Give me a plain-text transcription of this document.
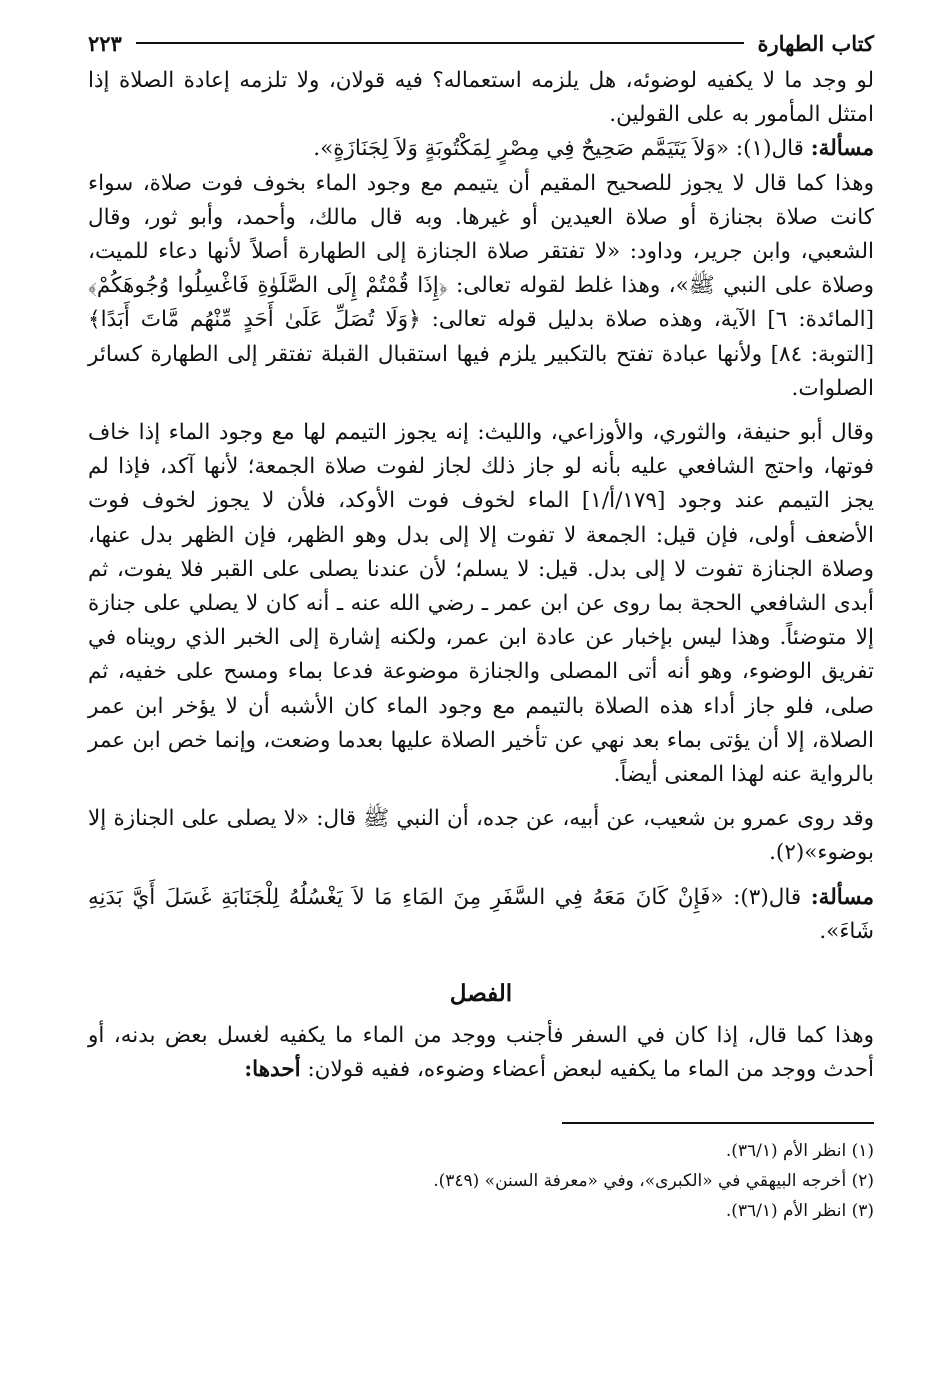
كتاب الطهارة
٢٢٣

لو وجد ما لا يكفيه لوضوئه، هل يلزمه استعماله؟ فيه قولان، ولا تلزمه إعادة الصلاة إذا امتثل المأمور به على القولين.

مسألة: قال(١): «وَلاَ يَتَيَمَّم صَحِيحٌ فِي مِصْرٍ لِمَكْتُوبَةٍ وَلاَ لِجَنَازَةٍ».

وهذا كما قال لا يجوز للصحيح المقيم أن يتيمم مع وجود الماء بخوف فوت صلاة، سواء كانت صلاة بجنازة أو صلاة العيدين أو غيرها. وبه قال مالك، وأحمد، وأبو ثور، وقال الشعبي، وابن جرير، وداود: «لا تفتقر صلاة الجنازة إلى الطهارة أصلاً لأنها دعاء للميت، وصلاة على النبي ﷺ»، وهذا غلط لقوله تعالى: ﴿إِذَا قُمْتُمْ إِلَى الصَّلَوٰةِ فَاغْسِلُوا وُجُوهَكُمْ﴾ [المائدة: ٦] الآية، وهذه صلاة بدليل قوله تعالى: ﴿وَلَا تُصَلِّ عَلَىٰ أَحَدٍ مِّنْهُم مَّاتَ أَبَدًا﴾ [التوبة: ٨٤] ولأنها عبادة تفتح بالتكبير يلزم فيها استقبال القبلة تفتقر إلى الطهارة كسائر الصلوات.

وقال أبو حنيفة، والثوري، والأوزاعي، والليث: إنه يجوز التيمم لها مع وجود الماء إذا خاف فوتها، واحتج الشافعي عليه بأنه لو جاز ذلك لجاز لفوت صلاة الجمعة؛ لأنها آكد، فإذا لم يجز التيمم عند وجود [١٧٩/أ/١] الماء لخوف فوت الأوكد، فلأن لا يجوز لخوف فوت الأضعف أولى، فإن قيل: الجمعة لا تفوت إلا إلى بدل وهو الظهر، فإن الظهر بدل عنها، وصلاة الجنازة تفوت لا إلى بدل. قيل: لا يسلم؛ لأن عندنا يصلى على القبر فلا يفوت، ثم أبدى الشافعي الحجة بما روى عن ابن عمر ـ رضي الله عنه ـ أنه كان لا يصلي على جنازة إلا متوضئاً. وهذا ليس بإخبار عن عادة ابن عمر، ولكنه إشارة إلى الخبر الذي رويناه في تفريق الوضوء، وهو أنه أتى المصلى والجنازة موضوعة فدعا بماء ومسح على خفيه، ثم صلى، فلو جاز أداء هذه الصلاة بالتيمم مع وجود الماء كان الأشبه أن لا يؤخر ابن عمر الصلاة، إلا أن يؤتى بماء بعد نهي عن تأخير الصلاة عليها بعدما وضعت، وإنما خص ابن عمر بالرواية عنه لهذا المعنى أيضاً.

وقد روى عمرو بن شعيب، عن أبيه، عن جده، أن النبي ﷺ قال: «لا يصلى على الجنازة إلا بوضوء»(٢).

مسألة: قال(٣): «فَإِنْ كَانَ مَعَهُ فِي السَّفَرِ مِنَ المَاءِ مَا لاَ يَغْسُلُهُ لِلْجَنَابَةِ غَسَلَ أَيَّ بَدَنِهِ شَاءَ».

الفصل

وهذا كما قال، إذا كان في السفر فأجنب ووجد من الماء ما يكفيه لغسل بعض بدنه، أو أحدث ووجد من الماء ما يكفيه لبعض أعضاء وضوءه، ففيه قولان: أحدها:

(١) انظر الأم (٣٦/١).
(٢) أخرجه البيهقي في «الكبرى»، وفي «معرفة السنن» (٣٤٩).
(٣) انظر الأم (٣٦/١).
